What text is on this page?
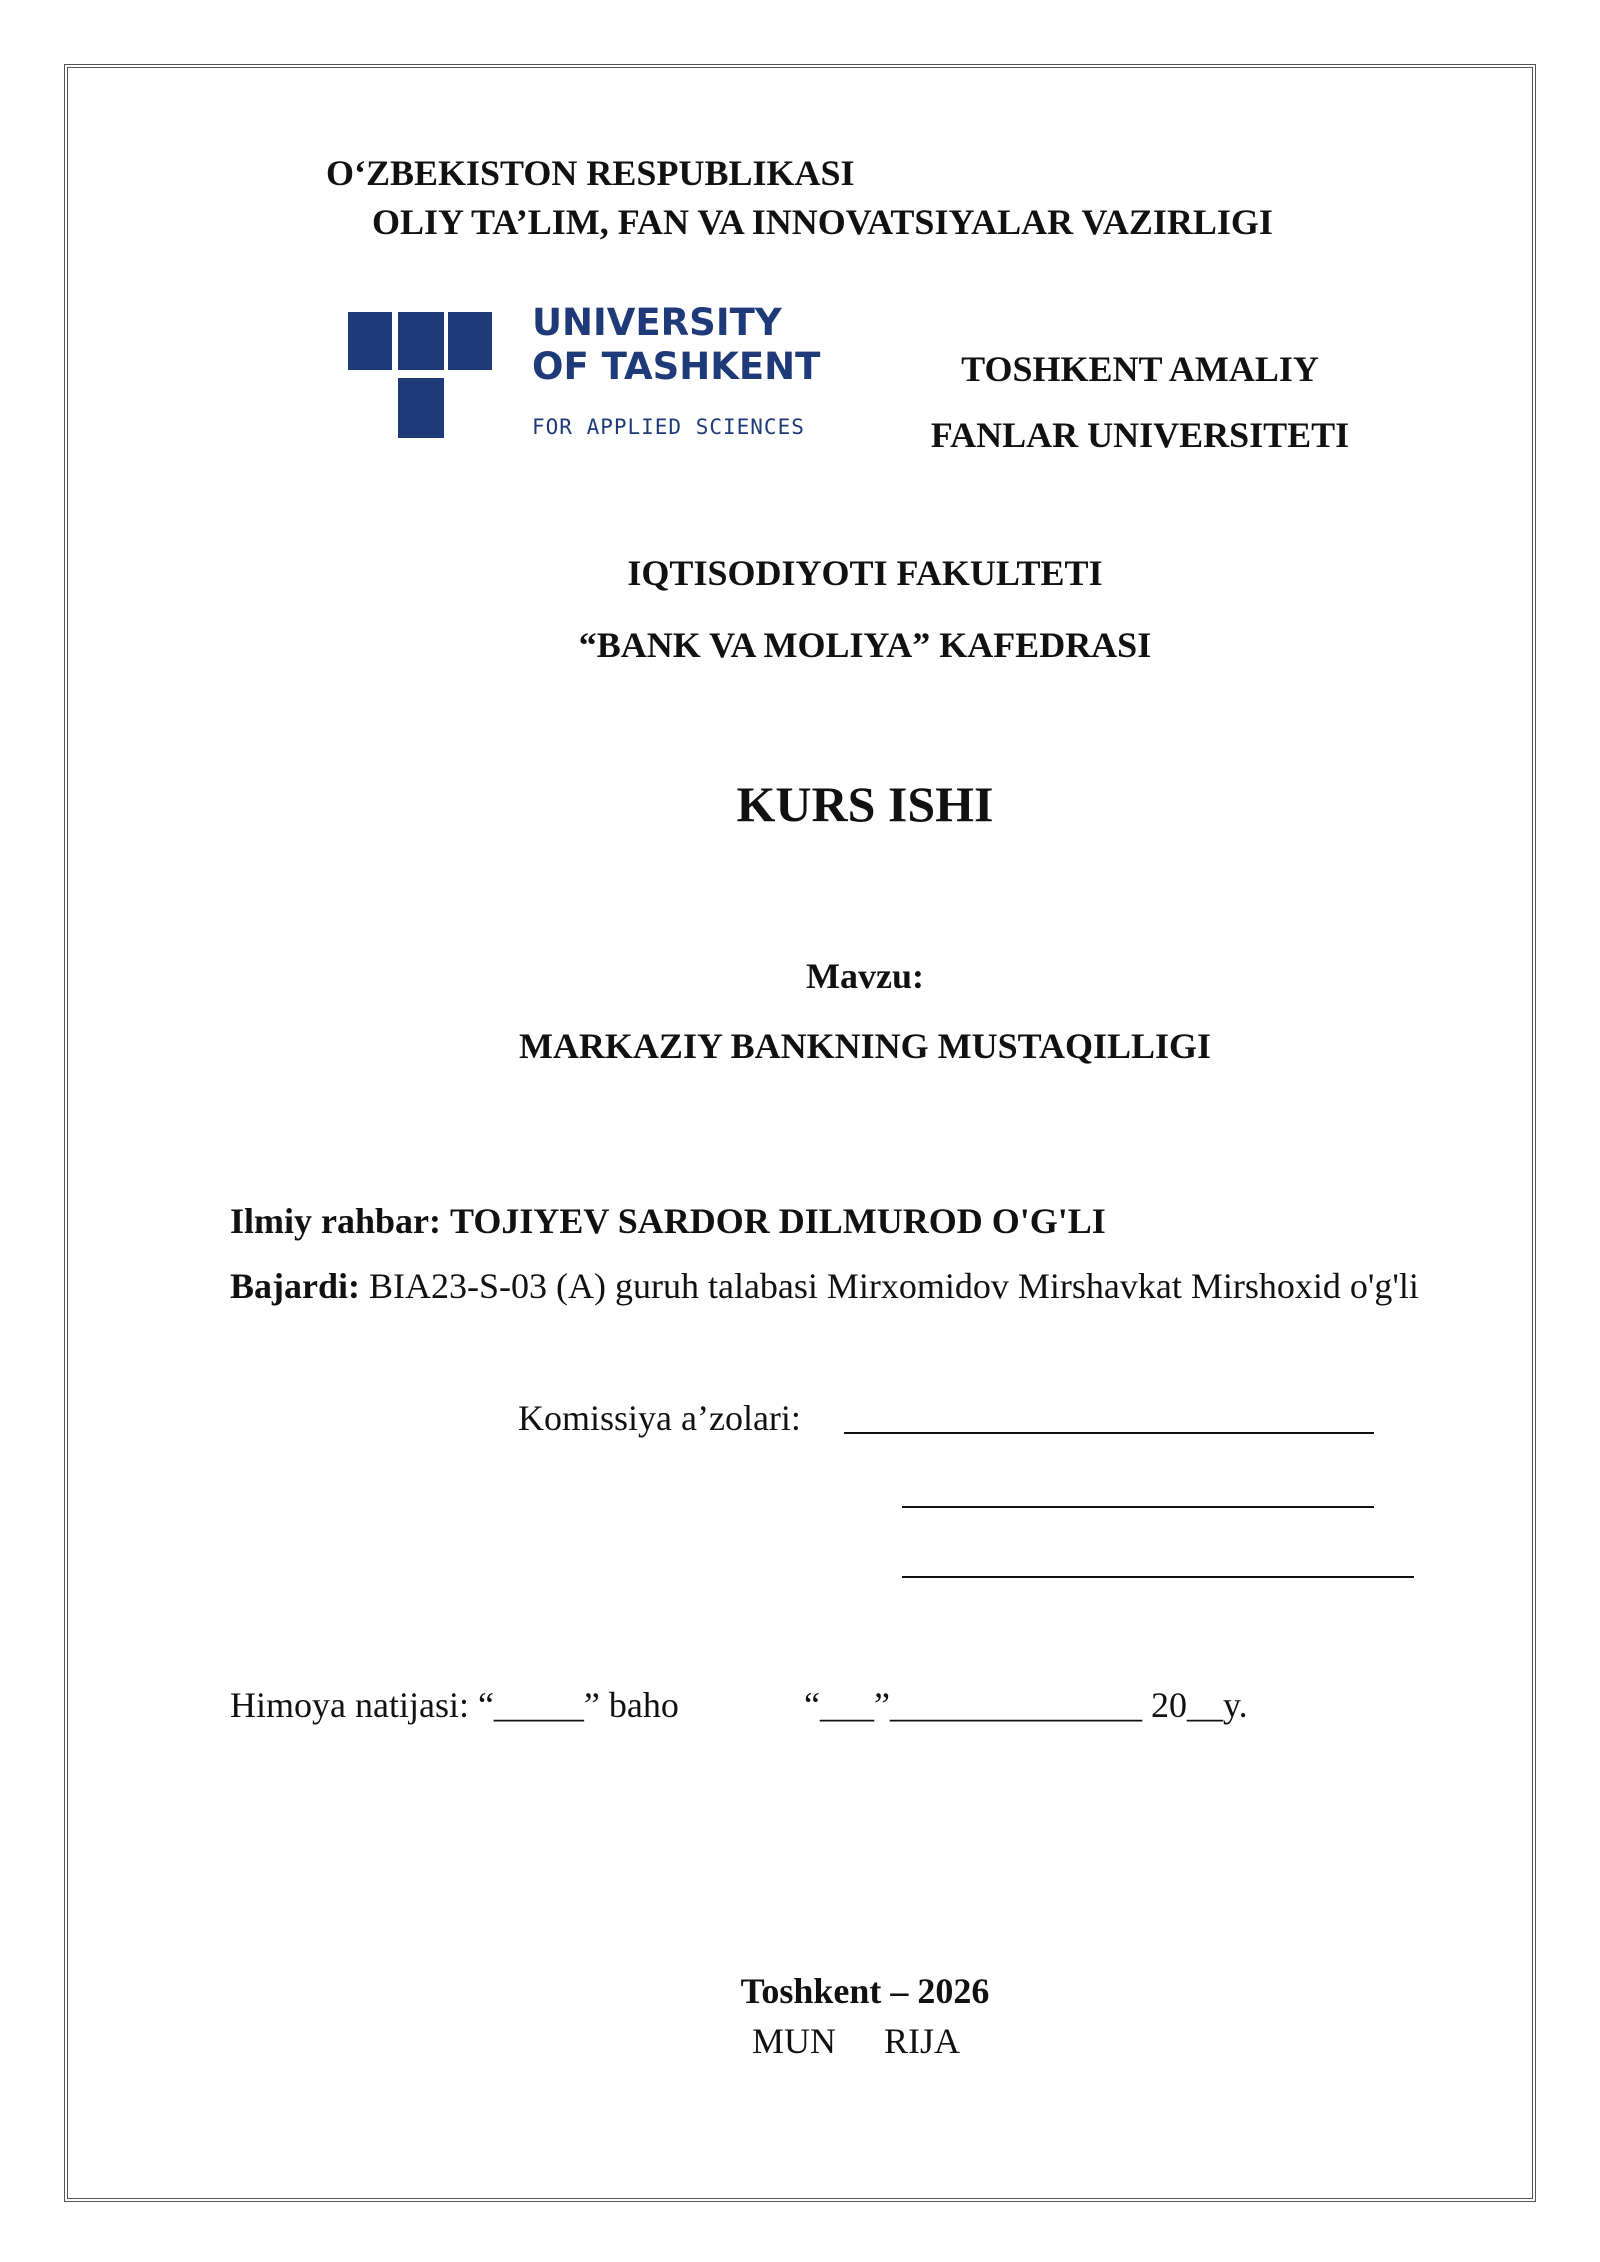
O‘ZBEKISTON RESPUBLIKASI
OLIY TA’LIM, FAN VA INNOVATSIYALAR VAZIRLIGI
UNIVERSITY
OF TASHKENT
FOR APPLIED SCIENCES
TOSHKENT AMALIY
FANLAR UNIVERSITETI
IQTISODIYOTI FAKULTETI
“BANK VA MOLIYA” KAFEDRASI
KURS ISHI
Mavzu:
MARKAZIY BANKNING MUSTAQILLIGI
Ilmiy rahbar: TOJIYEV SARDOR DILMUROD O'G'LI
Bajardi: BIA23-S-03 (A) guruh talabasi Mirxomidov Mirshavkat Mirshoxid o'g'li
Komissiya a’zolari:
Himoya natijasi: “_____” baho	“___”______________ 20__y.
Toshkent – 2026
MUN ​RIJA
